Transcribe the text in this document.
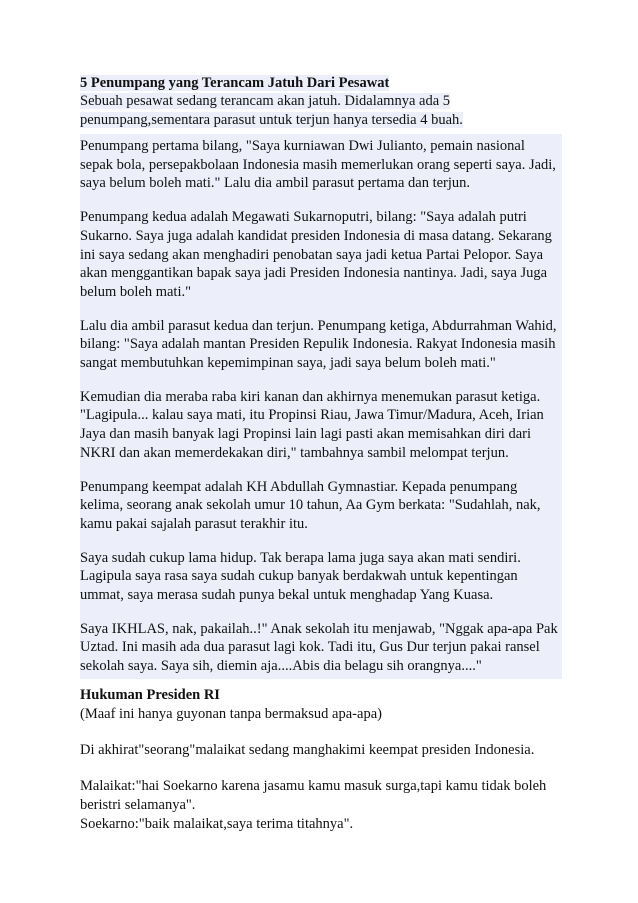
5 Penumpang yang Terancam Jatuh Dari Pesawat

Sebuah pesawat sedang terancam akan jatuh. Didalamnya ada 5 penumpang,sementara parasut untuk terjun hanya tersedia 4 buah.

Penumpang pertama bilang, "Saya kurniawan Dwi Julianto, pemain nasional sepak bola, persepakbolaan Indonesia masih memerlukan orang seperti saya. Jadi, saya belum boleh mati." Lalu dia ambil parasut pertama dan terjun.

Penumpang kedua adalah Megawati Sukarnoputri, bilang: "Saya adalah putri Sukarno. Saya juga adalah kandidat presiden Indonesia di masa datang. Sekarang ini saya sedang akan menghadiri penobatan saya jadi ketua Partai Pelopor. Saya akan menggantikan bapak saya jadi Presiden Indonesia nantinya. Jadi, saya Juga belum boleh mati."

Lalu dia ambil parasut kedua dan terjun. Penumpang ketiga, Abdurrahman Wahid, bilang: "Saya adalah mantan Presiden Repulik Indonesia. Rakyat Indonesia masih sangat membutuhkan kepemimpinan saya, jadi saya belum boleh mati."

Kemudian dia meraba raba kiri kanan dan akhirnya menemukan parasut ketiga. "Lagipula... kalau saya mati, itu Propinsi Riau, Jawa Timur/Madura, Aceh, Irian Jaya dan masih banyak lagi Propinsi lain lagi pasti akan memisahkan diri dari NKRI dan akan memerdekakan diri," tambahnya sambil melompat terjun.

Penumpang keempat adalah KH Abdullah Gymnastiar. Kepada penumpang kelima, seorang anak sekolah umur 10 tahun, Aa Gym berkata: "Sudahlah, nak, kamu pakai sajalah parasut terakhir itu.

Saya sudah cukup lama hidup. Tak berapa lama juga saya akan mati sendiri. Lagipula saya rasa saya sudah cukup banyak berdakwah untuk kepentingan ummat, saya merasa sudah punya bekal untuk menghadap Yang Kuasa.

Saya IKHLAS, nak, pakailah..!" Anak sekolah itu menjawab, "Nggak apa-apa Pak Uztad. Ini masih ada dua parasut lagi kok. Tadi itu, Gus Dur terjun pakai ransel sekolah saya. Saya sih, diemin aja....Abis dia belagu sih orangnya...."

Hukuman Presiden RI

(Maaf ini hanya guyonan tanpa bermaksud apa-apa)

Di akhirat"seorang"malaikat sedang manghakimi keempat presiden Indonesia.

Malaikat:"hai Soekarno karena jasamu kamu masuk surga,tapi kamu tidak boleh beristri selamanya".

Soekarno:"baik malaikat,saya terima titahnya".
